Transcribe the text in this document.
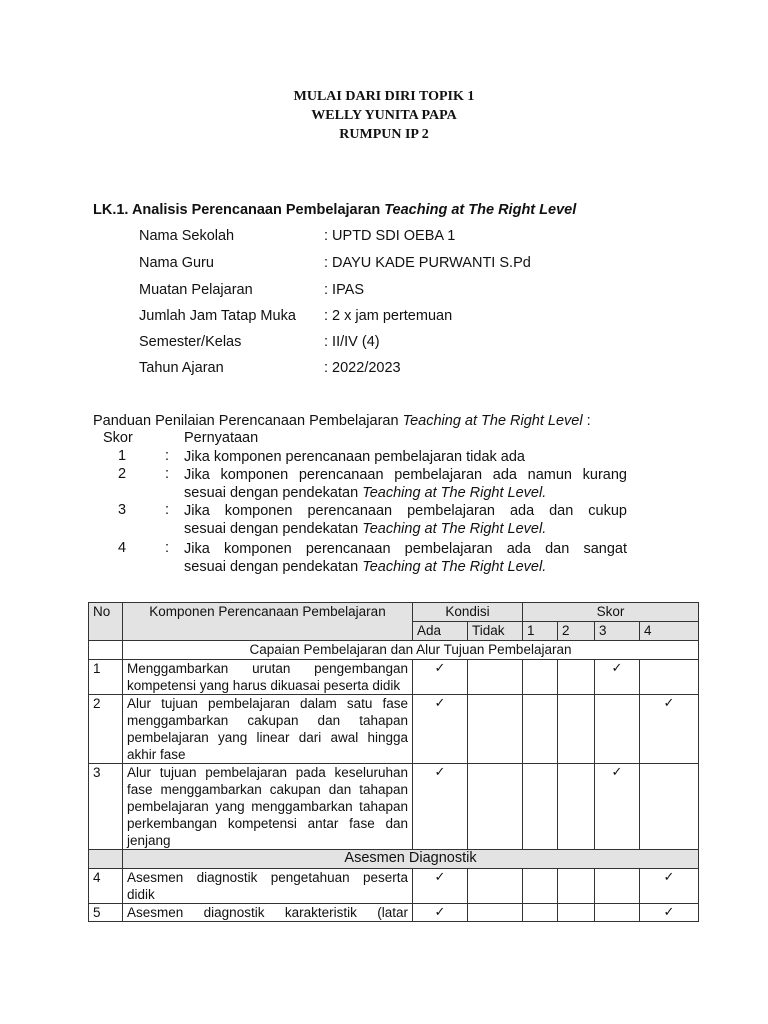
MULAI DARI DIRI TOPIK 1
WELLY YUNITA PAPA
RUMPUN IP 2
LK.1. Analisis Perencanaan Pembelajaran Teaching at The Right Level
Nama Sekolah	: UPTD SDI OEBA 1
Nama Guru	: DAYU KADE PURWANTI S.Pd
Muatan Pelajaran	: IPAS
Jumlah Jam Tatap Muka : 2 x jam pertemuan
Semester/Kelas	: II/IV (4)
Tahun Ajaran	: 2022/2023
Panduan Penilaian Perencanaan Pembelajaran Teaching at The Right Level :
Skor	Pernyataan
1	: Jika komponen perencanaan pembelajaran tidak ada
2	: Jika komponen perencanaan pembelajaran ada namun kurang
sesuai dengan pendekatan Teaching at The Right Level.
3	: Jika komponen perencanaan pembelajaran ada dan cukup
sesuai dengan pendekatan Teaching at The Right Level.
4	: Jika komponen perencanaan pembelajaran ada dan sangat
sesuai dengan pendekatan Teaching at The Right Level.
No	Komponen Perencanaan Pembelajaran	Kondisi		Skor			
		Ada	Tidak	1	2	3	4
	Capaian Pembelajaran dan Alur Tujuan Pembelajaran						
1	Menggambarkan urutan pengembangan kompetensi yang harus dikuasai peserta didik	✓				✓	
2	Alur tujuan pembelajaran dalam satu fase menggambarkan cakupan dan tahapan pembelajaran yang linear dari awal hingga akhir fase	✓					✓
3	Alur tujuan pembelajaran pada keseluruhan fase menggambarkan cakupan dan tahapan pembelajaran yang menggambarkan tahapan perkembangan kompetensi antar fase dan jenjang	✓				✓	
	Asesmen Diagnostik						
4	Asesmen diagnostik pengetahuan peserta didik	✓					✓
5	Asesmen diagnostik karakteristik (latar	✓					✓
